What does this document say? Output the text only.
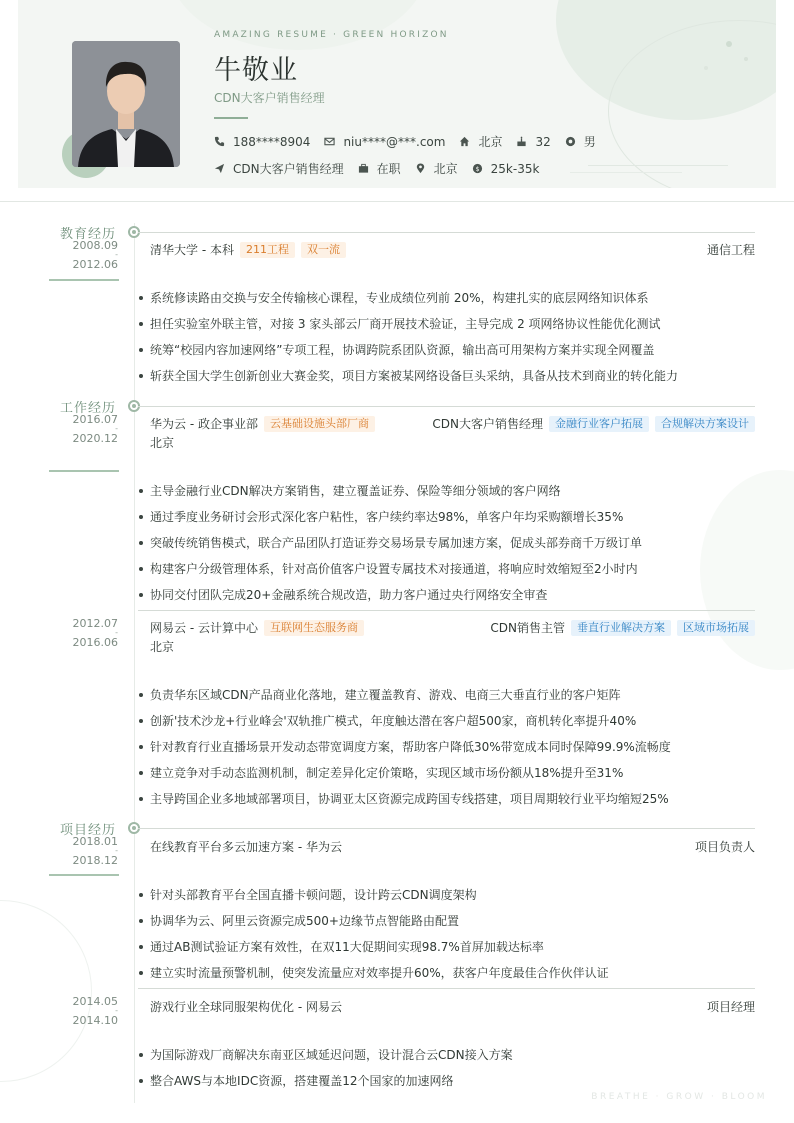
AMAZING RESUME · GREEN HORIZON
牛敬业
CDN大客户销售经理
188****8904	niu****@***.com	北京	32	男
CDN大客户销售经理	在职	北京 $ 25k-35k
教育经历
2008.09
-
2012.06
清华大学 - 本科	211工程	双一流	通信工程
系统修读路由交换与安全传输核心课程，专业成绩位列前 20%，构建扎实的底层网络知识体系
担任实验室外联主管，对接 3 家头部云厂商开展技术验证，主导完成 2 项网络协议性能优化测试
统筹“校园内容加速网络”专项工程，协调跨院系团队资源，输出高可用架构方案并实现全网覆盖
斩获全国大学生创新创业大赛金奖，项目方案被某网络设备巨头采纳，具备从技术到商业的转化能力
工作经历
2016.07
-
2020.12
华为云 - 政企事业部	云基础设施头部厂商	CDN大客户销售经理	金融行业客户拓展	合规解决方案设计
北京
主导金融行业CDN解决方案销售，建立覆盖证券、保险等细分领域的客户网络
通过季度业务研讨会形式深化客户粘性，客户续约率达98%，单客户年均采购额增长35%
突破传统销售模式，联合产品团队打造证券交易场景专属加速方案，促成头部券商千万级订单
构建客户分级管理体系，针对高价值客户设置专属技术对接通道，将响应时效缩短至2小时内
协同交付团队完成20+金融系统合规改造，助力客户通过央行网络安全审查
2012.07
-
2016.06
网易云 - 云计算中心	互联网生态服务商	CDN销售主管	垂直行业解决方案	区域市场拓展
北京
负责华东区域CDN产品商业化落地，建立覆盖教育、游戏、电商三大垂直行业的客户矩阵
创新'技术沙龙+行业峰会'双轨推广模式，年度触达潜在客户超500家，商机转化率提升40%
针对教育行业直播场景开发动态带宽调度方案，帮助客户降低30%带宽成本同时保障99.9%流畅度
建立竞争对手动态监测机制，制定差异化定价策略，实现区域市场份额从18%提升至31%
主导跨国企业多地域部署项目，协调亚太区资源完成跨国专线搭建，项目周期较行业平均缩短25%
项目经历
2018.01
-
2018.12
在线教育平台多云加速方案 - 华为云	项目负责人
针对头部教育平台全国直播卡顿问题，设计跨云CDN调度架构
协调华为云、阿里云资源完成500+边缘节点智能路由配置
通过AB测试验证方案有效性，在双11大促期间实现98.7%首屏加载达标率
建立实时流量预警机制，使突发流量应对效率提升60%，获客户年度最佳合作伙伴认证
2014.05
-
2014.10
游戏行业全球同服架构优化 - 网易云	项目经理
为国际游戏厂商解决东南亚区域延迟问题，设计混合云CDN接入方案
整合AWS与本地IDC资源，搭建覆盖12个国家的加速网络
BREATHE · GROW · BLOOM
